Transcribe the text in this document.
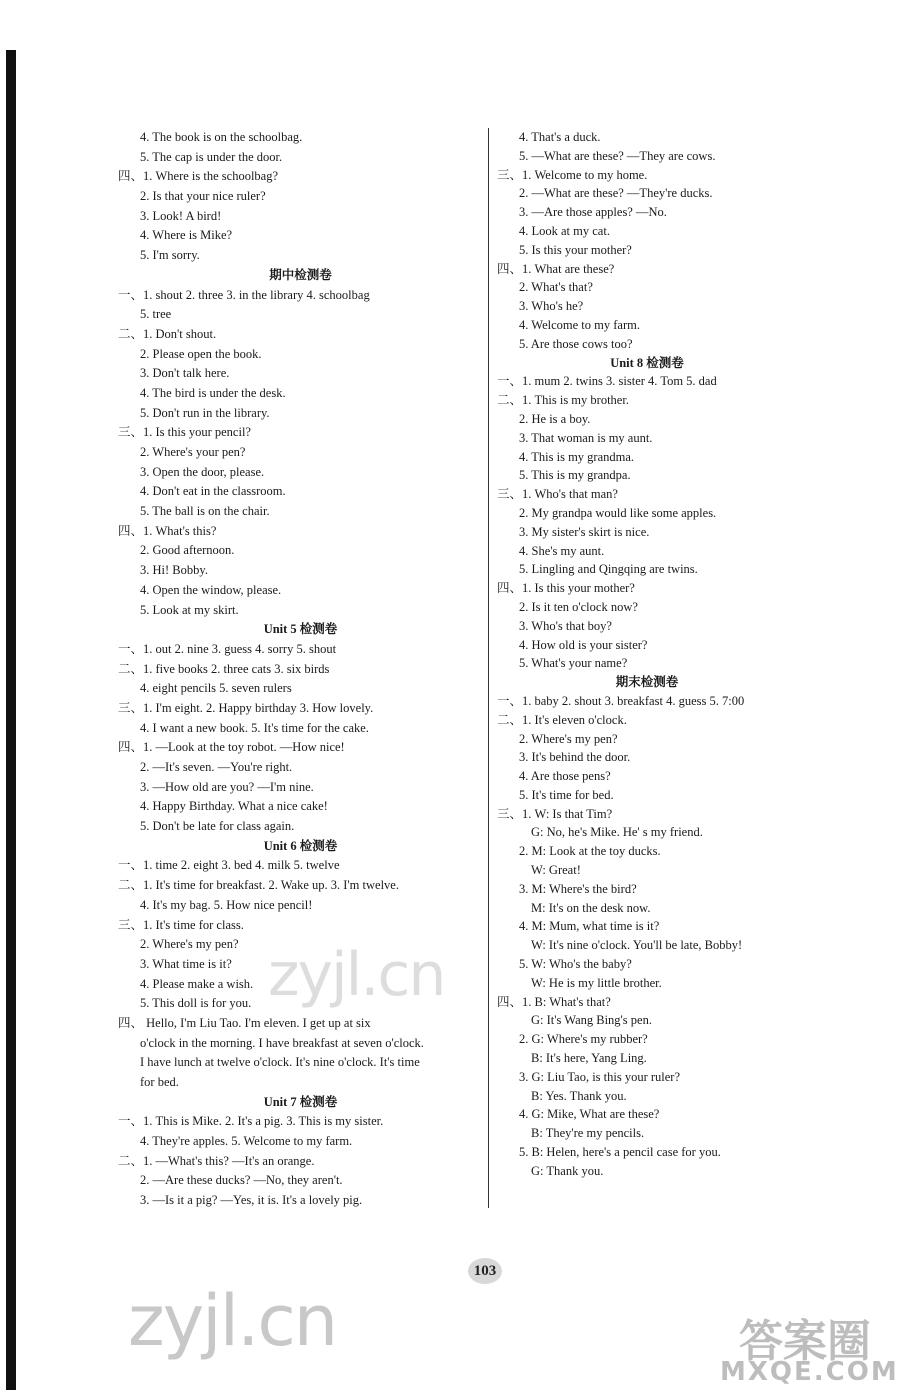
4. The book is on the schoolbag.
5. The cap is under the door.
四、1. Where is the schoolbag?
2. Is that your nice ruler?
3. Look! A bird!
4. Where is Mike?
5. I'm sorry.
期中检测卷
一、1. shout 2. three 3. in the library 4. schoolbag
5. tree
二、1. Don't shout.
2. Please open the book.
3. Don't talk here.
4. The bird is under the desk.
5. Don't run in the library.
三、1. Is this your pencil?
2. Where's your pen?
3. Open the door, please.
4. Don't eat in the classroom.
5. The ball is on the chair.
四、1. What's this?
2. Good afternoon.
3. Hi! Bobby.
4. Open the window, please.
5. Look at my skirt.
Unit 5 检测卷
一、1. out 2. nine 3. guess 4. sorry 5. shout
二、1. five books 2. three cats 3. six birds
4. eight pencils 5. seven rulers
三、1. I'm eight. 2. Happy birthday 3. How lovely.
4. I want a new book. 5. It's time for the cake.
四、1. —Look at the toy robot. —How nice!
2. —It's seven. —You're right.
3. —How old are you? —I'm nine.
4. Happy Birthday. What a nice cake!
5. Don't be late for class again.
Unit 6 检测卷
一、1. time 2. eight 3. bed 4. milk 5. twelve
二、1. It's time for breakfast. 2. Wake up. 3. I'm twelve.
4. It's my bag. 5. How nice pencil!
三、1. It's time for class.
2. Where's my pen?
3. What time is it?
4. Please make a wish.
5. This doll is for you.
四、 Hello, I'm Liu Tao. I'm eleven. I get up at six
o'clock in the morning. I have breakfast at seven o'clock.
I have lunch at twelve o'clock. It's nine o'clock. It's time
for bed.
Unit 7 检测卷
一、1. This is Mike. 2. It's a pig. 3. This is my sister.
4. They're apples. 5. Welcome to my farm.
二、1. —What's this? —It's an orange.
2. —Are these ducks? —No, they aren't.
3. —Is it a pig? —Yes, it is. It's a lovely pig.
4. That's a duck.
5. —What are these? —They are cows.
三、1. Welcome to my home.
2. —What are these? —They're ducks.
3. —Are those apples? —No.
4. Look at my cat.
5. Is this your mother?
四、1. What are these?
2. What's that?
3. Who's he?
4. Welcome to my farm.
5. Are those cows too?
Unit 8 检测卷
一、1. mum 2. twins 3. sister 4. Tom 5. dad
二、1. This is my brother.
2. He is a boy.
3. That woman is my aunt.
4. This is my grandma.
5. This is my grandpa.
三、1. Who's that man?
2. My grandpa would like some apples.
3. My sister's skirt is nice.
4. She's my aunt.
5. Lingling and Qingqing are twins.
四、1. Is this your mother?
2. Is it ten o'clock now?
3. Who's that boy?
4. How old is your sister?
5. What's your name?
期末检测卷
一、1. baby 2. shout 3. breakfast 4. guess 5. 7:00
二、1. It's eleven o'clock.
2. Where's my pen?
3. It's behind the door.
4. Are those pens?
5. It's time for bed.
三、1. W: Is that Tim?
G: No, he's Mike. He' s my friend.
2. M: Look at the toy ducks.
W: Great!
3. M: Where's the bird?
M: It's on the desk now.
4. M: Mum, what time is it?
W: It's nine o'clock. You'll be late, Bobby!
5. W: Who's the baby?
W: He is my little brother.
四、1. B: What's that?
G: It's Wang Bing's pen.
2. G: Where's my rubber?
B: It's here, Yang Ling.
3. G: Liu Tao, is this your ruler?
B: Yes. Thank you.
4. G: Mike, What are these?
B: They're my pencils.
5. B: Helen, here's a pencil case for you.
G: Thank you.
103
zyjl.cn
zyjl.cn	答案圈
MXQE.COM
